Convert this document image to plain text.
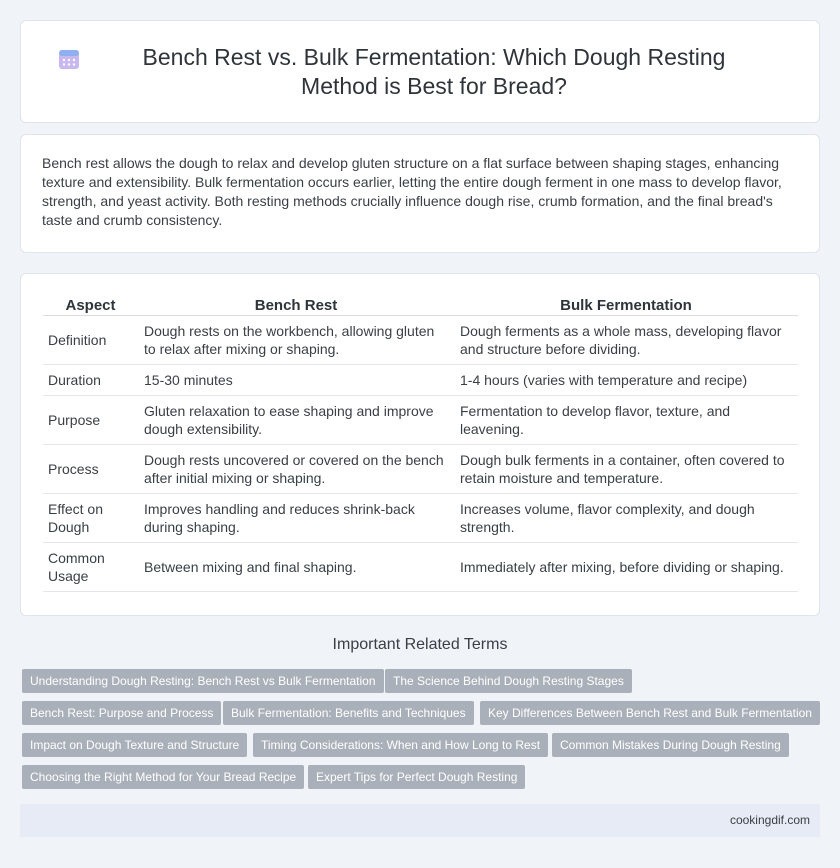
Bench Rest vs. Bulk Fermentation: Which Dough Resting Method is Best for Bread?

Bench rest allows the dough to relax and develop gluten structure on a flat surface between shaping stages, enhancing texture and extensibility. Bulk fermentation occurs earlier, letting the entire dough ferment in one mass to develop flavor, strength, and yeast activity. Both resting methods crucially influence dough rise, crumb formation, and the final bread's taste and crumb consistency.

Aspect	Bench Rest	Bulk Fermentation
Definition	Dough rests on the workbench, allowing gluten to relax after mixing or shaping.	Dough ferments as a whole mass, developing flavor and structure before dividing.
Duration	15-30 minutes	1-4 hours (varies with temperature and recipe)
Purpose	Gluten relaxation to ease shaping and improve dough extensibility.	Fermentation to develop flavor, texture, and leavening.
Process	Dough rests uncovered or covered on the bench after initial mixing or shaping.	Dough bulk ferments in a container, often covered to retain moisture and temperature.
Effect on Dough	Improves handling and reduces shrink-back during shaping.	Increases volume, flavor complexity, and dough strength.
Common Usage	Between mixing and final shaping.	Immediately after mixing, before dividing or shaping.
Important Related Terms
Understanding Dough Resting: Bench Rest vs Bulk Fermentation	The Science Behind Dough Resting Stages
Bench Rest: Purpose and Process	Bulk Fermentation: Benefits and Techniques	Key Differences Between Bench Rest and Bulk Fermentation
Impact on Dough Texture and Structure	Timing Considerations: When and How Long to Rest	Common Mistakes During Dough Resting
Choosing the Right Method for Your Bread Recipe	Expert Tips for Perfect Dough Resting
cookingdif.com
